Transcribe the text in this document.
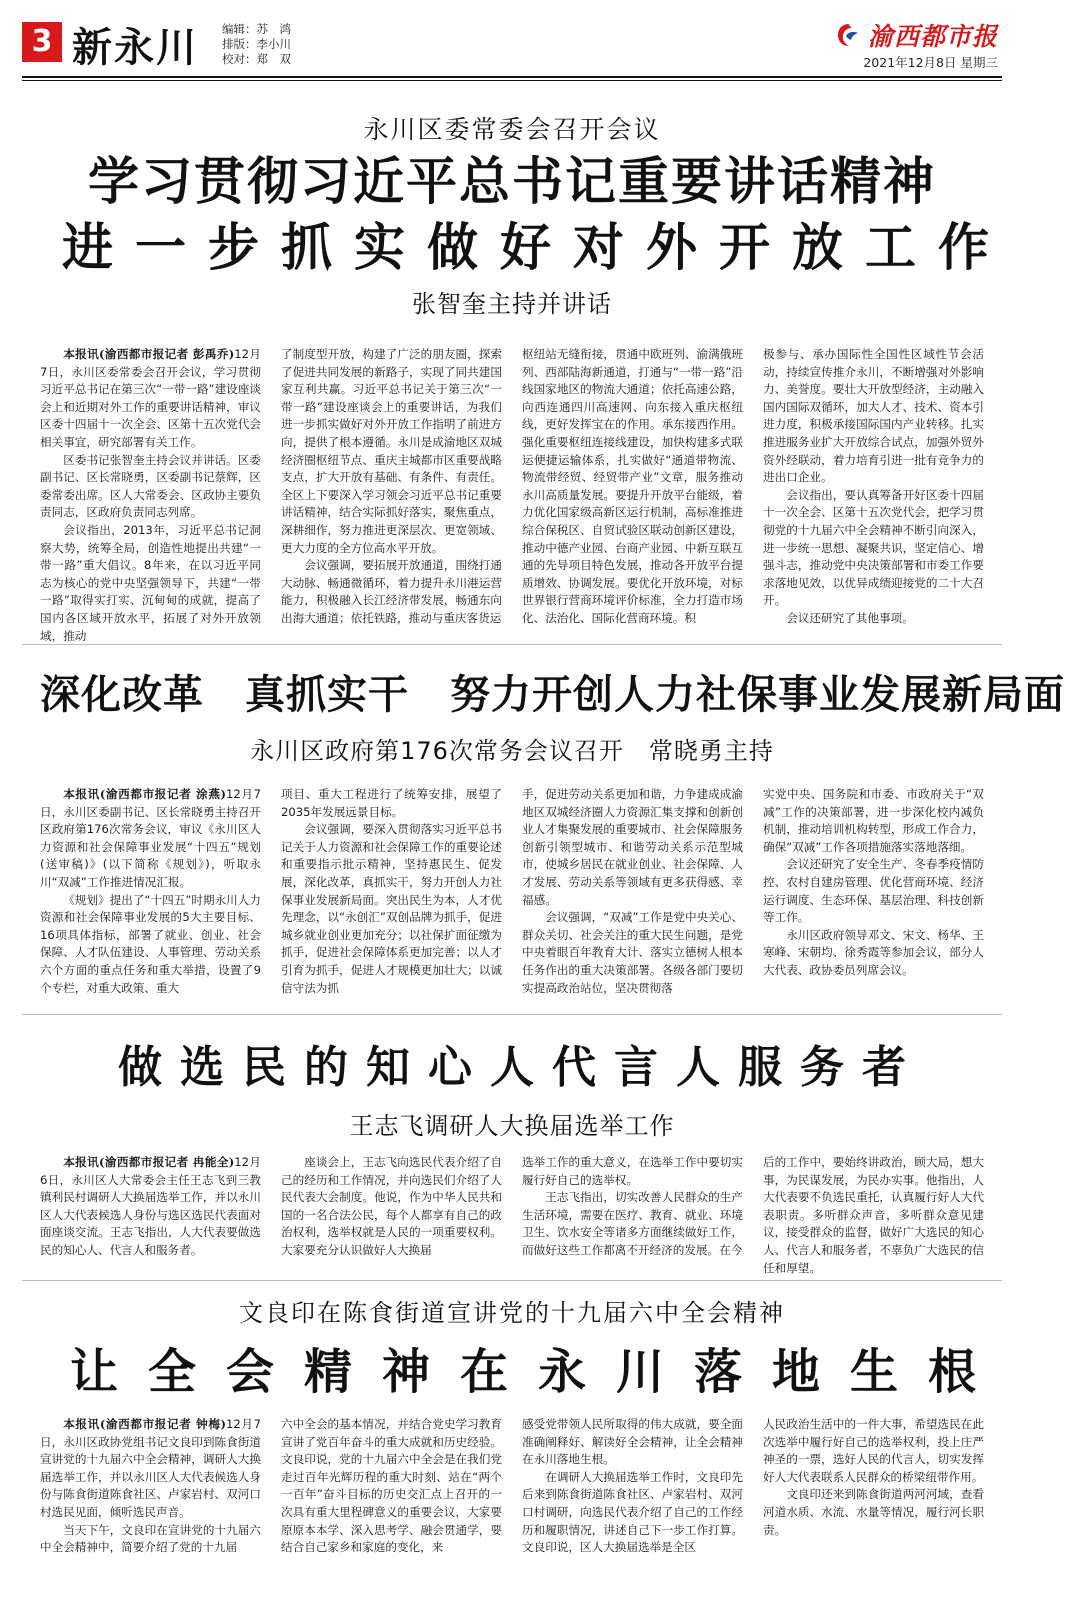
3 新永川 编辑：苏　鸿
排版：李小川
校对：郑　双
渝西都市报
2021年12月8日 星期三
永川区委常委会召开会议
学习贯彻习近平总书记重要讲话精神
进一步抓实做好对外开放工作
张智奎主持并讲话

本报讯(渝西都市报记者 彭禹乔)12月7日，永川区委常委会召开会议，学习贯彻习近平总书记在第三次“一带一路”建设座谈会上和近期对外工作的重要讲话精神，审议区委十四届十一次全会、区第十五次党代会相关事宜，研究部署有关工作。

区委书记张智奎主持会议并讲话。区委副书记、区长常晓勇，区委副书记蔡辉，区委常委出席。区人大常委会、区政协主要负责同志，区政府负责同志列席。

会议指出，2013年，习近平总书记洞察大势，统筹全局，创造性地提出共建“一带一路”重大倡议。8年来，在以习近平同志为核心的党中央坚强领导下，共建“一带一路”取得实打实、沉甸甸的成就，提高了国内各区域开放水平，拓展了对外开放领域，推动

了制度型开放，构建了广泛的朋友圈，探索了促进共同发展的新路子，实现了同共建国家互利共赢。习近平总书记关于第三次“一带一路”建设座谈会上的重要讲话，为我们进一步抓实做好对外开放工作指明了前进方向，提供了根本遵循。永川是成渝地区双城经济圈枢纽节点、重庆主城都市区重要战略支点，扩大开放有基础、有条件、有责任。全区上下要深入学习领会习近平总书记重要讲话精神，结合实际抓好落实，聚焦重点，深耕细作，努力推进更深层次、更宽领域、更大力度的全方位高水平开放。

会议强调，要拓展开放通道，围绕打通大动脉、畅通微循环，着力提升永川港运营能力，积极融入长江经济带发展，畅通东向出海大通道；依托铁路，推动与重庆客货运

枢纽站无缝衔接，贯通中欧班列、渝满俄班列、西部陆海新通道，打通与“一带一路”沿线国家地区的物流大通道；依托高速公路，向西连通四川高速网、向东接入重庆枢纽线，更好发挥宝在的作用。承东接西作用。强化重要枢纽连接线建设，加快构建多式联运便捷运输体系，扎实做好“通道带物流、物流带经贸、经贸带产业”文章，服务推动永川高质量发展。要提升开放平台能级，着力优化国家级高新区运行机制，高标准推进综合保税区、自贸试验区联动创新区建设，推动中德产业园、台商产业园、中新互联互通的先导项目特色发展，推动各开放平台提质增效、协调发展。要优化开放环境，对标世界银行营商环境评价标准，全力打造市场化、法治化、国际化营商环境。积

极参与、承办国际性全国性区域性节会活动，持续宣传推介永川，不断增强对外影响力、美誉度。要壮大开放型经济，主动融入国内国际双循环，加大人才、技术、资本引进力度，积极承接国际国内产业转移。扎实推进服务业扩大开放综合试点，加强外贸外资外经联动，着力培育引进一批有竞争力的进出口企业。

会议指出，要认真筹备开好区委十四届十一次全会、区第十五次党代会，把学习贯彻党的十九届六中全会精神不断引向深入，进一步统一思想、凝聚共识，坚定信心、增强斗志，推动党中央决策部署和市委工作要求落地见效，以优异成绩迎接党的二十大召开。

会议还研究了其他事项。

深化改革　真抓实干　努力开创人力社保事业发展新局面
永川区政府第176次常务会议召开　常晓勇主持

本报讯(渝西都市报记者 涂燕)12月7日，永川区委副书记、区长常晓勇主持召开区政府第176次常务会议，审议《永川区人力资源和社会保障事业发展“十四五”规划(送审稿)》(以下简称《规划》)，听取永川“双减”工作推进情况汇报。

《规划》提出了“十四五”时期永川人力资源和社会保障事业发展的5大主要目标、16项具体指标，部署了就业、创业、社会保障、人才队伍建设、人事管理、劳动关系六个方面的重点任务和重大举措，设置了9个专栏，对重大政策、重大

项目、重大工程进行了统筹安排，展望了2035年发展远景目标。

会议强调，要深入贯彻落实习近平总书记关于人力资源和社会保障工作的重要论述和重要指示批示精神，坚持惠民生、促发展，深化改革，真抓实干，努力开创人力社保事业发展新局面。突出民生为本，人才优先理念，以“永创汇”双创品牌为抓手，促进城乡就业创业更加充分；以社保扩面征缴为抓手，促进社会保障体系更加完善；以人才引育为抓手，促进人才规模更加壮大；以诚信守法为抓

手，促进劳动关系更加和谐，力争建成成渝地区双城经济圈人力资源汇集支撑和创新创业人才集聚发展的重要城市、社会保障服务创新引领型城市、和谐劳动关系示范型城市，使城乡居民在就业创业、社会保障、人才发展、劳动关系等领域有更多获得感、幸福感。

会议强调，“双减”工作是党中央关心、群众关切、社会关注的重大民生问题，是党中央着眼百年教育大计、落实立德树人根本任务作出的重大决策部署。各级各部门要切实提高政治站位，坚决贯彻落

实党中央、国务院和市委、市政府关于“双减”工作的决策部署，进一步深化校内减负机制，推动培训机构转型，形成工作合力，确保“双减”工作各项措施落实落地落细。

会议还研究了安全生产、冬春季疫情防控、农村自建房管理、优化营商环境、经济运行调度、生态环保、基层治理、科技创新等工作。

永川区政府领导邓文、宋文、杨华、王寒峰、宋朝均、徐秀霞等参加会议，部分人大代表、政协委员列席会议。

做选民的知心人代言人服务者
王志飞调研人大换届选举工作

本报讯(渝西都市报记者 冉能全)12月6日，永川区人大常委会主任王志飞到三教镇利民村调研人大换届选举工作，并以永川区人大代表候选人身份与选区选民代表面对面座谈交流。王志飞指出，人大代表要做选民的知心人、代言人和服务者。

座谈会上，王志飞向选民代表介绍了自己的经历和工作情况，并向选民们介绍了人民代表大会制度。他说，作为中华人民共和国的一名合法公民，每个人都享有自己的政治权利，选举权就是人民的一项重要权利。大家要充分认识做好人大换届

选举工作的重大意义，在选举工作中要切实履行好自己的选举权。

王志飞指出，切实改善人民群众的生产生活环境，需要在医疗、教育、就业、环境卫生、饮水安全等诸多方面继续做好工作，而做好这些工作都离不开经济的发展。在今

后的工作中，要始终讲政治，顾大局，想大事，为民谋发展，为民办实事。他指出，人大代表要不负选民重托，认真履行好人大代表职责。多听群众声音，多听群众意见建议，接受群众的监督，做好广大选民的知心人、代言人和服务者，不辜负广大选民的信任和厚望。

文良印在陈食街道宣讲党的十九届六中全会精神
让全会精神在永川落地生根

本报讯(渝西都市报记者 钟梅)12月7日，永川区政协党组书记文良印到陈食街道宣讲党的十九届六中全会精神，调研人大换届选举工作，并以永川区人大代表候选人身份与陈食街道陈食社区、卢家岩村、双河口村选民见面，倾听选民声音。

当天下午，文良印在宣讲党的十九届六中全会精神中，简要介绍了党的十九届

六中全会的基本情况，并结合党史学习教育宣讲了党百年奋斗的重大成就和历史经验。文良印说，党的十九届六中全会是在我们党走过百年光辉历程的重大时刻、站在“两个一百年”奋斗目标的历史交汇点上召开的一次具有重大里程碑意义的重要会议，大家要原原本本学、深入思考学、融会贯通学，要结合自己家乡和家庭的变化，来

感受党带领人民所取得的伟大成就，要全面准确阐释好、解读好全会精神，让全会精神在永川落地生根。

在调研人大换届选举工作时，文良印先后来到陈食街道陈食社区、卢家岩村、双河口村调研，向选民代表介绍了自己的工作经历和履职情况，讲述自己下一步工作打算。文良印说，区人大换届选举是全区

人民政治生活中的一件大事，希望选民在此次选举中履行好自己的选举权利，投上庄严神圣的一票，选好人民的代言人，切实发挥好人大代表联系人民群众的桥梁纽带作用。

文良印还来到陈食街道两河河域，查看河道水质、水流、水量等情况，履行河长职责。
